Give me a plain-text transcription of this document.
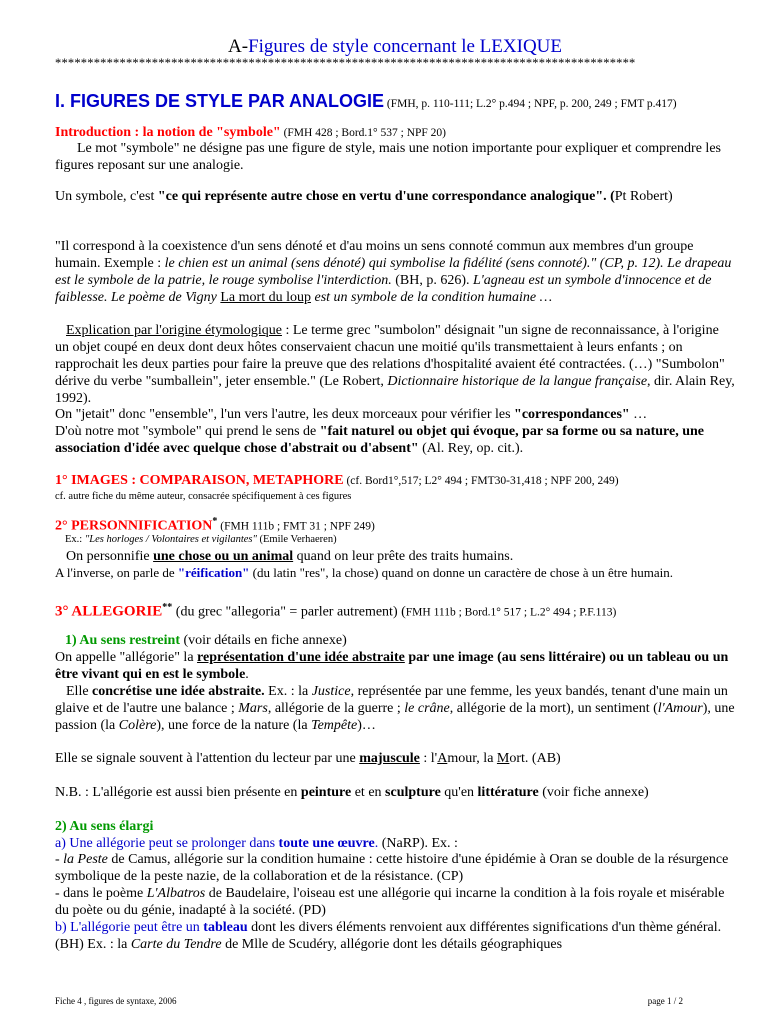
A-Figures de style concernant le LEXIQUE
******************************************************************************************
I. FIGURES DE STYLE PAR ANALOGIE (FMH, p. 110-111; L.2° p.494 ; NPF, p. 200, 249 ; FMT p.417)
Introduction : la notion de "symbole" (FMH 428 ; Bord.1° 537 ; NPF 20)
Le mot "symbole" ne désigne pas une figure de style, mais une notion importante pour expliquer et comprendre les figures reposant sur une analogie.
Un symbole, c'est "ce qui représente autre chose en vertu d'une correspondance analogique". (Pt Robert)
"Il correspond à la coexistence d'un sens dénoté et d'au moins un sens connoté commun aux membres d'un groupe humain. Exemple : le chien est un animal (sens dénoté) qui symbolise la fidélité (sens connoté)." (CP, p. 12). Le drapeau est le symbole de la patrie, le rouge symbolise l'interdiction. (BH, p. 626). L'agneau est un symbole d'innocence et de faiblesse. Le poème de Vigny La mort du loup est un symbole de la condition humaine …
Explication par l'origine étymologique : Le terme grec "sumbolon" désignait "un signe de reconnaissance, à l'origine un objet coupé en deux dont deux hôtes conservaient chacun une moitié qu'ils transmettaient à leurs enfants ; on rapprochait les deux parties pour faire la preuve que des relations d'hospitalité avaient été contractées. (…) "Sumbolon" dérive du verbe "sumballein", jeter ensemble." (Le Robert, Dictionnaire historique de la langue française, dir. Alain Rey, 1992).
On "jetait" donc "ensemble", l'un vers l'autre, les deux morceaux pour vérifier les "correspondances" …
D'où notre mot "symbole" qui prend le sens de "fait naturel ou objet qui évoque, par sa forme ou sa nature, une association d'idée avec quelque chose d'abstrait ou d'absent" (Al. Rey, op. cit.).
1° IMAGES : COMPARAISON, METAPHORE (cf. Bord1°,517; L2° 494 ; FMT30-31,418 ; NPF 200, 249)
cf. autre fiche du même auteur, consacrée spécifiquement à ces figures
2° PERSONNIFICATION* (FMH 111b ; FMT 31 ; NPF 249)
Ex.: "Les horloges / Volontaires et vigilantes" (Emile Verhaeren)
On personnifie une chose ou un animal quand on leur prête des traits humains.
A l'inverse, on parle de "réification" (du latin "res", la chose) quand on donne un caractère de chose à un être humain.
3° ALLEGORIE** (du grec "allegoria" = parler autrement) (FMH 111b ; Bord.1° 517 ; L.2° 494 ; P.F.113)
1) Au sens restreint (voir détails en fiche annexe)
On appelle "allégorie" la représentation d'une idée abstraite par une image (au sens littéraire) ou un tableau ou un être vivant qui en est le symbole.
Elle concrétise une idée abstraite. Ex. : la Justice, représentée par une femme, les yeux bandés, tenant d'une main un glaive et de l'autre une balance ; Mars, allégorie de la guerre ; le crâne, allégorie de la mort), un sentiment (l'Amour), une passion (la Colère), une force de la nature (la Tempête)…
Elle se signale souvent à l'attention du lecteur par une majuscule : l'Amour, la Mort. (AB)
N.B. : L'allégorie est aussi bien présente en peinture et en sculpture qu'en littérature (voir fiche annexe)
2) Au sens élargi
a) Une allégorie peut se prolonger dans toute une œuvre. (NaRP). Ex. :
- la Peste de Camus, allégorie sur la condition humaine : cette histoire d'une épidémie à Oran se double de la résurgence symbolique de la peste nazie, de la collaboration et de la résistance. (CP)
- dans le poème L'Albatros de Baudelaire, l'oiseau est une allégorie qui incarne la condition à la fois royale et misérable du poète ou du génie, inadapté à la société. (PD)
b) L'allégorie peut être un tableau dont les divers éléments renvoient aux différentes significations d'un thème général. (BH) Ex. : la Carte du Tendre de Mlle de Scudéry, allégorie dont les détails géographiques
Fiche 4 , figures de syntaxe, 2006	page 1 / 2
